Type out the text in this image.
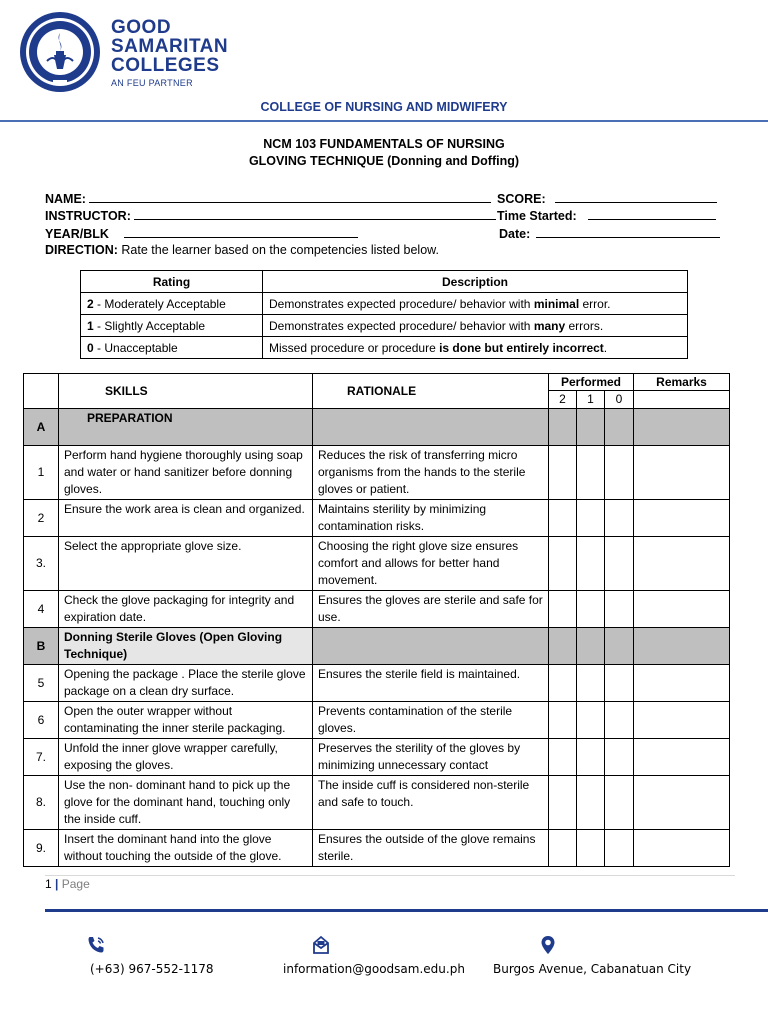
GOOD
SAMARITAN
COLLEGES
AN FEU PARTNER
COLLEGE OF NURSING AND MIDWIFERY
NCM 103 FUNDAMENTALS OF NURSING
GLOVING TECHNIQUE (Donning and Doffing)
NAME:	SCORE:
INSTRUCTOR:	Time Started:
YEAR/BLK	Date:
DIRECTION: Rate the learner based on the competencies listed below.
Rating	Description
2 - Moderately Acceptable	Demonstrates expected procedure/ behavior with minimal error.
1 - Slightly Acceptable	Demonstrates expected procedure/ behavior with many errors.
0 - Unacceptable	Missed procedure or procedure is done but entirely incorrect.
	SKILLS	RATIONALE	Performed			Remarks
			2	1	0	
A	PREPARATION					
1	Perform hand hygiene thoroughly using soap and water or hand sanitizer before donning gloves.	Reduces the risk of transferring micro organisms from the hands to the sterile gloves or patient.				
2	Ensure the work area is clean and organized.	Maintains sterility by minimizing contamination risks.				
3.	Select the appropriate glove size.	Choosing the right glove size ensures comfort and allows for better hand movement.				
4	Check the glove packaging for integrity and expiration date.	Ensures the gloves are sterile and safe for use.				
B	Donning Sterile Gloves (Open Gloving Technique)					
5	Opening the package . Place the sterile glove package on a clean dry surface.	Ensures the sterile field is maintained.				
6	Open the outer wrapper without contaminating the inner sterile packaging.	Prevents contamination of the sterile gloves.				
7.	Unfold the inner glove wrapper carefully, exposing the gloves.	Preserves the sterility of the gloves by minimizing unnecessary contact				
8.	Use the non- dominant hand to pick up the glove for the dominant hand, touching only the inside cuff.	The inside cuff is considered non-sterile and safe to touch.				
9.	Insert the dominant hand into the glove without touching the outside of the glove.	Ensures the outside of the glove remains sterile.				
1 | Page
(+63) 967-552-1178	information@goodsam.edu.ph Burgos Avenue, Cabanatuan City
